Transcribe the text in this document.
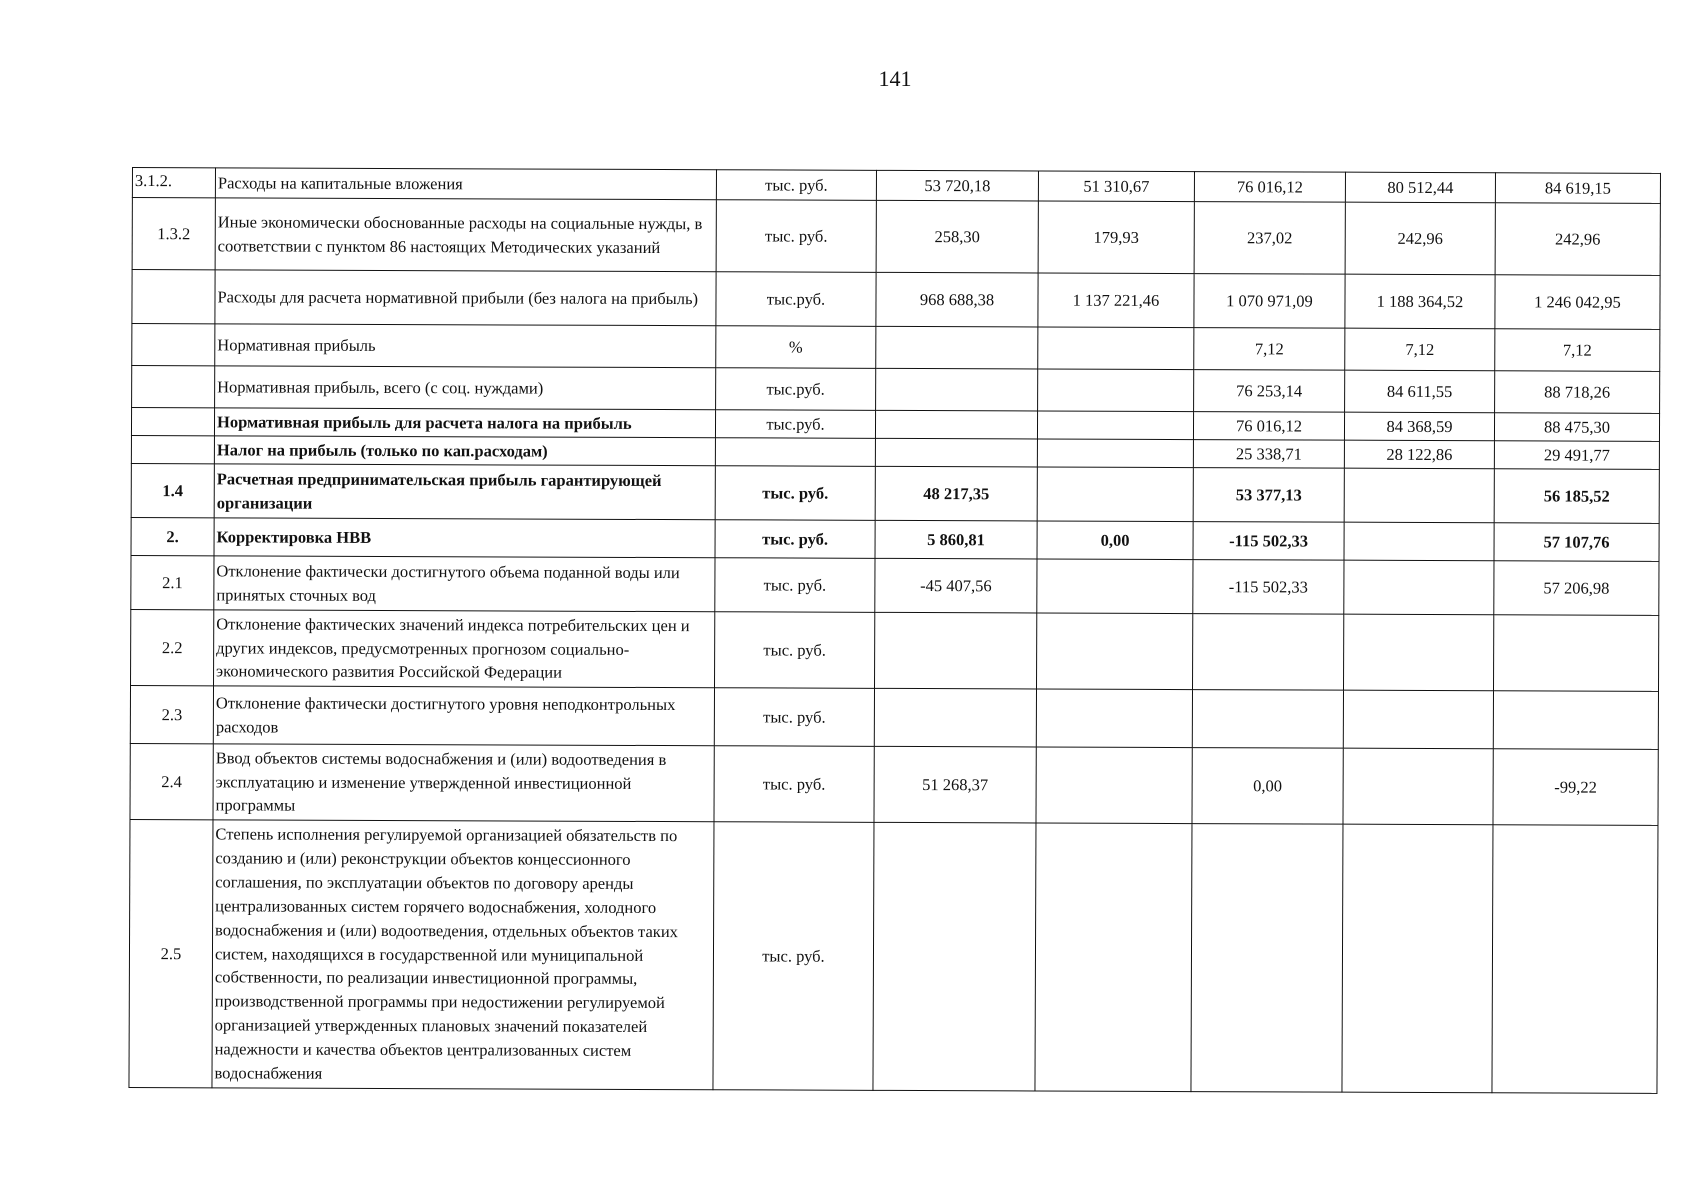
141
3.1.2.	Расходы на капитальные вложения	тыс. руб.	53 720,18	51 310,67	76 016,12	80 512,44	84 619,15
1.3.2	Иные экономически обоснованные расходы на социальные нужды, в соответствии с пунктом 86 настоящих Методических указаний	тыс. руб.	258,30	179,93	237,02	242,96	242,96
	Расходы для расчета нормативной прибыли (без налога на прибыль)	тыс.руб.	968 688,38	1 137 221,46	1 070 971,09	1 188 364,52	1 246 042,95
	Нормативная прибыль	%			7,12	7,12	7,12
	Нормативная прибыль, всего (с соц. нуждами)	тыс.руб.			76 253,14	84 611,55	88 718,26
	Нормативная прибыль для расчета налога на прибыль	тыс.руб.			76 016,12	84 368,59	88 475,30
	Налог на прибыль (только по кап.расходам)				25 338,71	28 122,86	29 491,77
1.4	Расчетная предпринимательская прибыль гарантирующей организации	тыс. руб.	48 217,35		53 377,13		56 185,52
2.	Корректировка НВВ	тыс. руб.	5 860,81	0,00	-115 502,33		57 107,76
2.1	Отклонение фактически достигнутого объема поданной воды или принятых сточных вод	тыс. руб.	-45 407,56		-115 502,33		57 206,98
2.2	Отклонение фактических значений индекса потребительских цен и других индексов, предусмотренных прогнозом социально-экономического развития Российской Федерации	тыс. руб.					
2.3	Отклонение фактически достигнутого уровня неподконтрольных расходов	тыс. руб.					
2.4	Ввод объектов системы водоснабжения и (или) водоотведения в эксплуатацию и изменение утвержденной инвестиционной программы	тыс. руб.	51 268,37		0,00		-99,22
2.5	Степень исполнения регулируемой организацией обязательств по созданию и (или) реконструкции объектов концессионного соглашения, по эксплуатации объектов по договору аренды централизованных систем горячего водоснабжения, холодного водоснабжения и (или) водоотведения, отдельных объектов таких систем, находящихся в государственной или муниципальной собственности, по реализации инвестиционной программы, производственной программы при недостижении регулируемой организацией утвержденных плановых значений показателей надежности и качества объектов централизованных систем водоснабжения	тыс. руб.					
